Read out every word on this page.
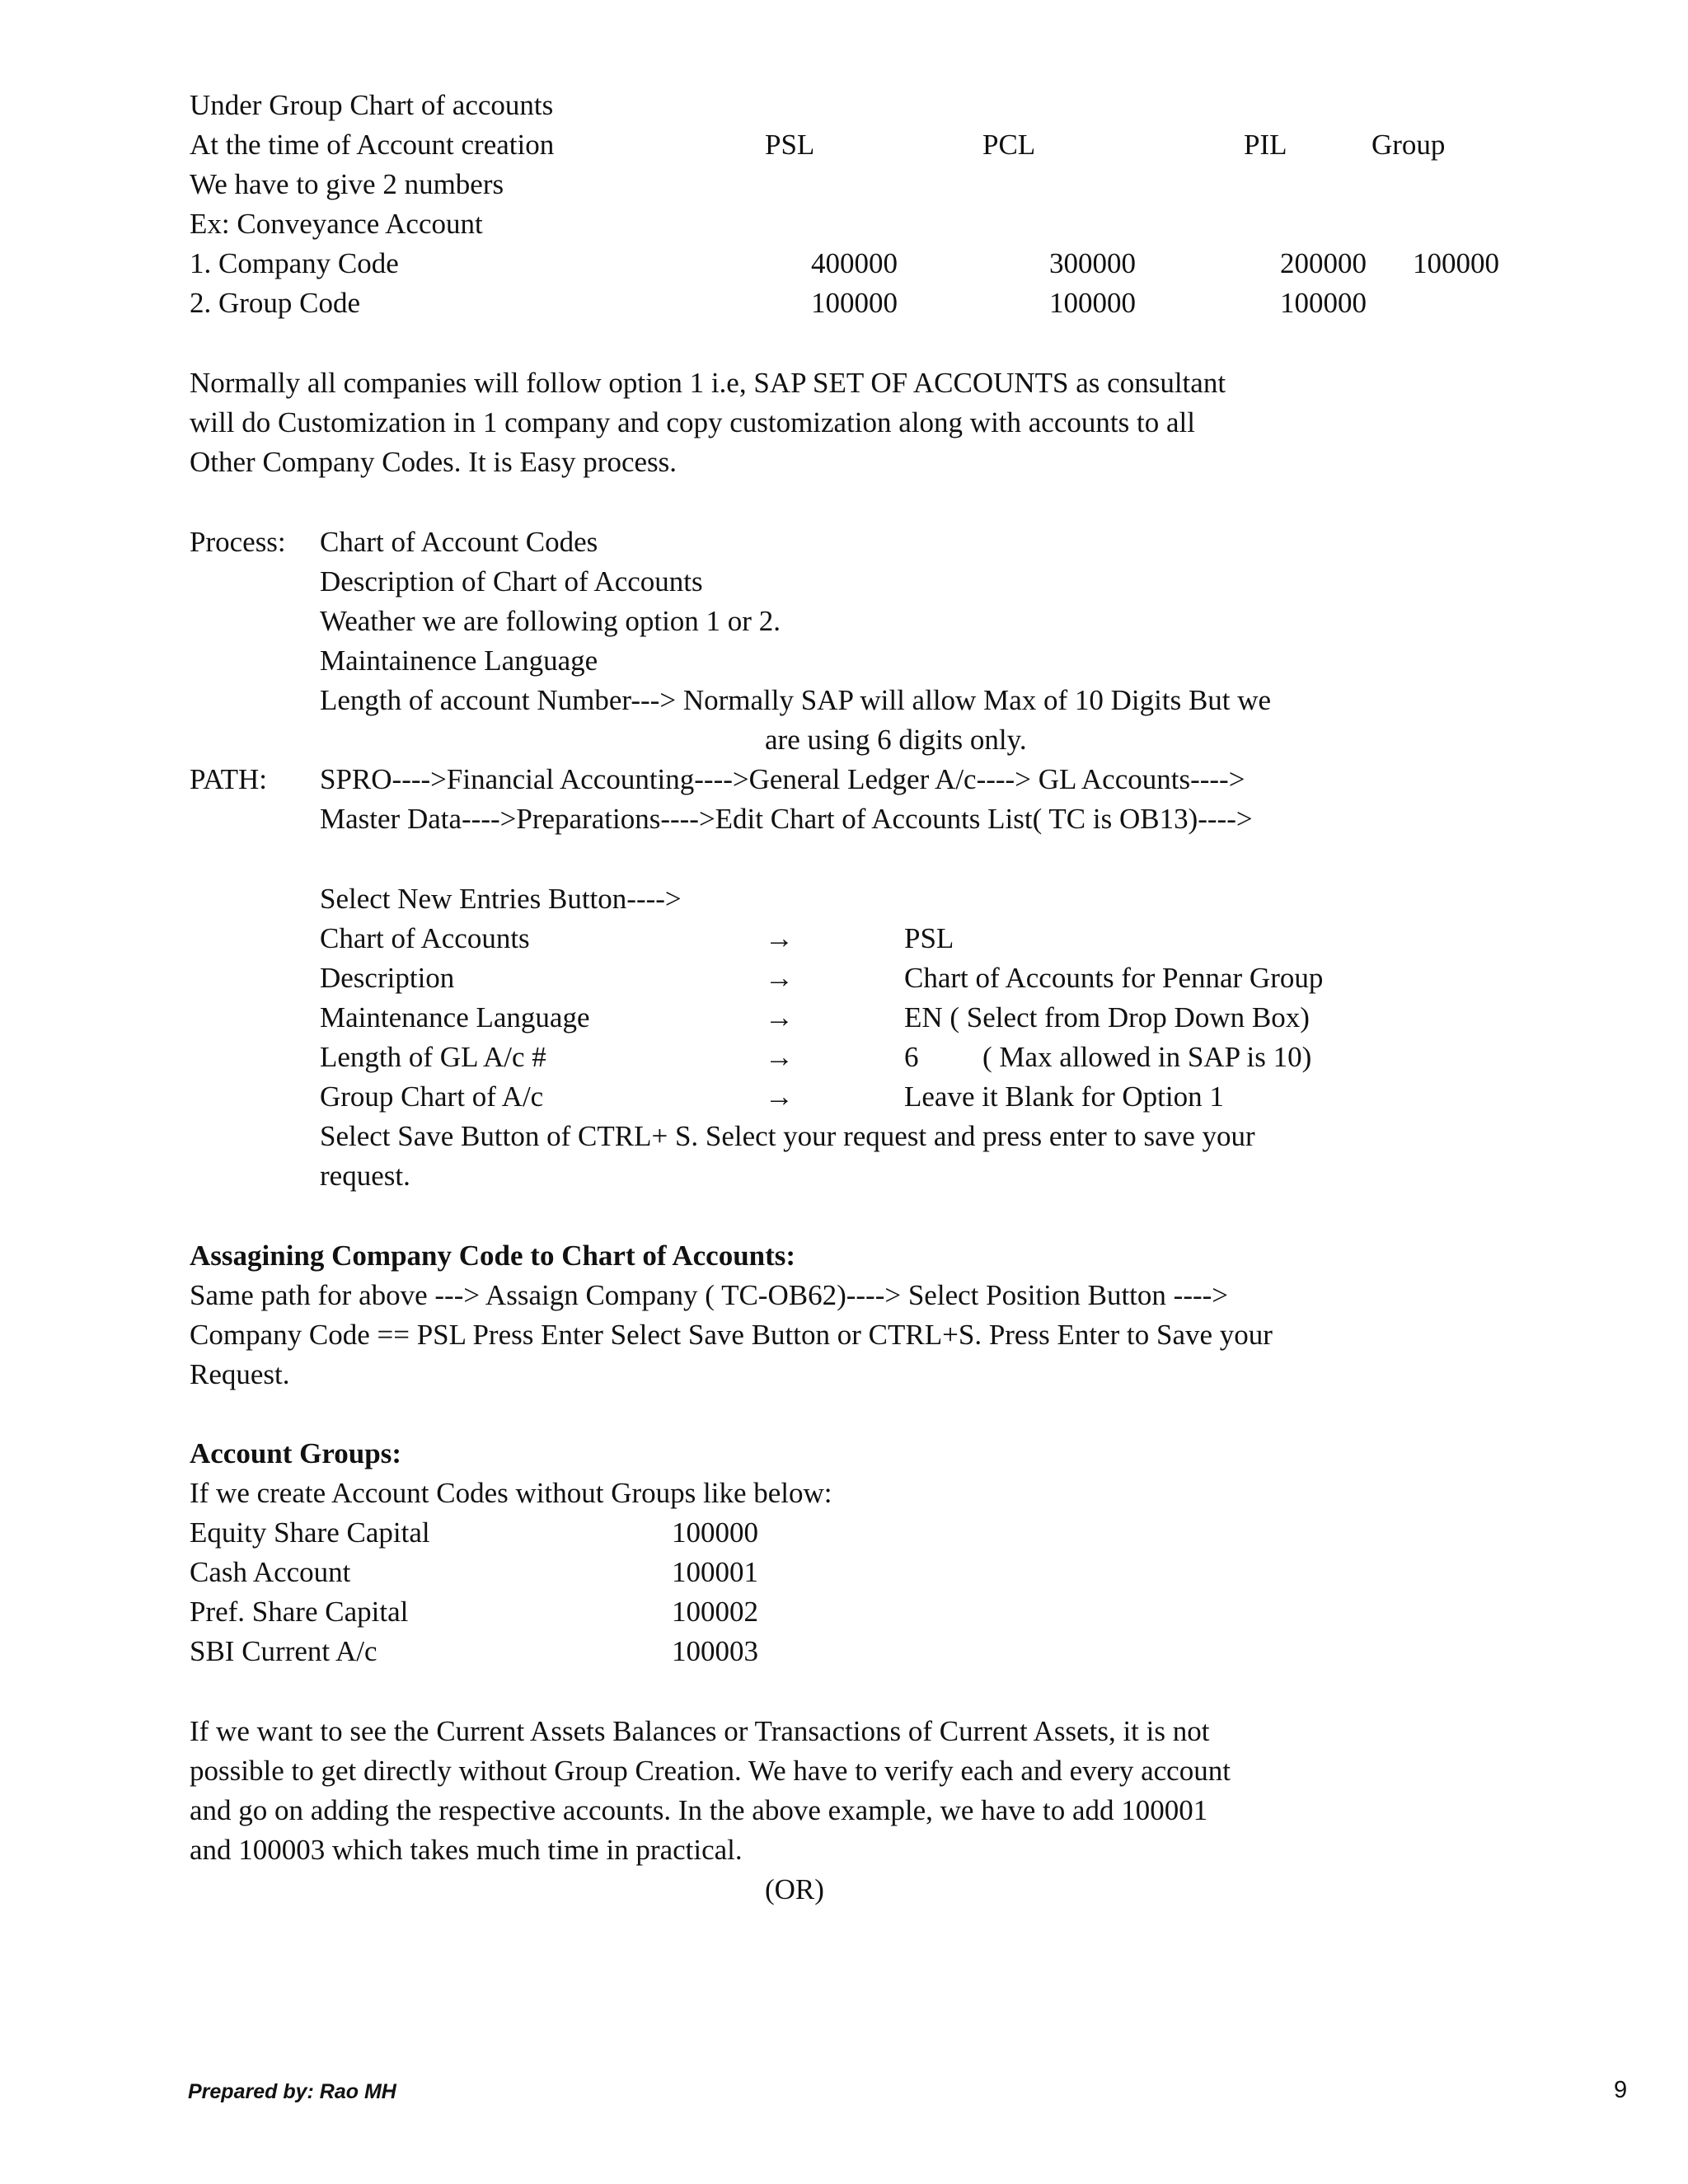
Under Group Chart of accounts
At the time of Account creation	PSL	PCL	PIL	Group
We have to give 2 numbers
Ex: Conveyance Account
1. Company Code	400000	300000	200000 100000
2. Group Code	100000	100000	100000
Normally all companies will follow option 1 i.e, SAP SET OF ACCOUNTS as consultant
will do Customization in 1 company and copy customization along with accounts to all
Other Company Codes. It is Easy process.
Process: Chart of Account Codes
Description of Chart of Accounts
Weather we are following option 1 or 2.
Maintainence Language
Length of account Number---> Normally SAP will allow Max of 10 Digits But we
are using 6 digits only.
PATH: SPRO---->Financial Accounting---->General Ledger A/c----> GL Accounts---->
Master Data---->Preparations---->Edit Chart of Accounts List( TC is OB13)---->
Select New Entries Button---->
Chart of Accounts	→	PSL
Description	→	Chart of Accounts for Pennar Group
Maintenance Language	→	EN ( Select from Drop Down Box)
Length of GL A/c #	→	6 ( Max allowed in SAP is 10)
Group Chart of A/c	→	Leave it Blank for Option 1
Select Save Button of CTRL+ S. Select your request and press enter to save your
request.
Assagining Company Code to Chart of Accounts:
Same path for above ---> Assaign Company ( TC-OB62)----> Select Position Button ---->
Company Code == PSL Press Enter Select Save Button or CTRL+S. Press Enter to Save your
Request.
Account Groups:
If we create Account Codes without Groups like below:
Equity Share Capital	100000
Cash Account	100001
Pref. Share Capital	100002
SBI Current A/c	100003
If we want to see the Current Assets Balances or Transactions of Current Assets, it is not
possible to get directly without Group Creation. We have to verify each and every account
and go on adding the respective accounts. In the above example, we have to add 100001
and 100003 which takes much time in practical.
(OR)
Prepared by: Rao MH	9
